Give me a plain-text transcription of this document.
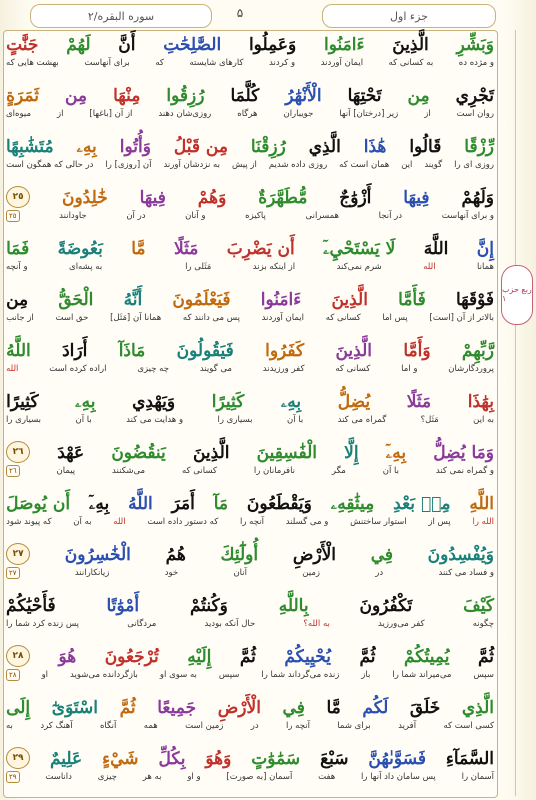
جزء اول
۵
سوره البقره/٢
ربع حزب ۱
وَبَشِّرِ
الَّذِينَ
ءَامَنُوا
وَعَمِلُوا
الصَّٰلِحَٰتِ
أَنَّ
لَهُمْ
جَنَّٰتٍ
و مژده ده
به کسانی که
ایمان آوردند
و کردند
کارهای شایسته
که
برای آنهاست
بهشت هایی که
تَجْرِي
مِن
تَحْتِهَا
الْأَنْهَٰرُ
كُلَّمَا
رُزِقُوا
مِنْهَا
مِن
ثَمَرَةٍ
روان است
از
زیر [درختان] آنها
جویباران
هرگاه
روزی‌شان دهند
از آن [باغها]
از
میوه‌ای
رِّزْقًا
قَالُوا
هَٰذَا
الَّذِي
رُزِقْنَا
مِن قَبْلُ
وَأُتُوا
بِهِۦ
مُتَشَٰبِهًا
روزی ای را
گویند
این
همان است که
روزی داده شدیم
از پیش
به نزدشان آورند
آن [روزی] را
در حالی که همگون است
وَلَهُمْ
فِيهَا
أَزْوَٰجٌ
مُّطَهَّرَةٌ
وَهُمْ
فِيهَا
خَٰلِدُونَ
٢٥
و برای آنهاست
در آنجا
همسرانی
پاکیزه
و آنان
در آن
جاودانند
٢٥
إِنَّ
اللَّهَ
لَا يَسْتَحْيِۦٓ
أَن يَضْرِبَ
مَثَلًا
مَّا
بَعُوضَةً
فَمَا
همانا
الله
شرم نمی‌کند
از اینکه بزند
مَثَلی را
به پشه‌ای
و آنچه
فَوْقَهَا
فَأَمَّا
الَّذِينَ
ءَامَنُوا
فَيَعْلَمُونَ
أَنَّهُ
الْحَقُّ
مِن
بالاتر از آن [است]
پس اما
کسانی که
ایمان آوردند
پس می دانند که
همانا آن [مَثَل]
حق است
از جانب
رَّبِّهِمْ
وَأَمَّا
الَّذِينَ
كَفَرُوا
فَيَقُولُونَ
مَاذَآ
أَرَادَ
اللَّهُ
پروردگارشان
و اما
کسانی که
کفر ورزیدند
می گویند
چه چیزی
اراده کرده است
الله
بِهَٰذَا
مَثَلًا
يُضِلُّ
بِهِۦ
كَثِيرًا
وَيَهْدِي
بِهِۦ
كَثِيرًا
به این
مَثَل؟
گمراه می کند
با آن
بسیاری را
و هدایت می کند
با آن
بسیاری را
وَمَا يُضِلُّ
بِهِۦٓ
إِلَّا
الْفَٰسِقِينَ
الَّذِينَ
يَنقُضُونَ
عَهْدَ
٢٦
و گمراه نمی کند
با آن
مگر
نافرمانان را
کسانی که
می‌شکنند
پیمان
٢٦
اللَّهِ
مِنۢ بَعْدِ
مِيثَٰقِهِۦ
وَيَقْطَعُونَ
مَآ
أَمَرَ
اللَّهُ
بِهِۦٓ
أَن يُوصَلَ
الله را
پس از
استوار ساختنش
و می گسلند
آنچه را
که دستور داده است
الله
به آن
که پیوند شود
وَيُفْسِدُونَ
فِي
الْأَرْضِ
أُولَٰٓئِكَ
هُمُ
الْخَٰسِرُونَ
٢٧
و فساد می کنند
در
زمین
آنان
خود
زیانکارانند
٢٧
كَيْفَ
تَكْفُرُونَ
بِاللَّهِ
وَكُنتُمْ
أَمْوَٰتًا
فَأَحْيَٰكُمْ
چگونه
کفر می‌ورزید
به الله؟
حال آنکه بودید
مردگانی
پس زنده کرد شما را
ثُمَّ
يُمِيتُكُمْ
ثُمَّ
يُحْيِيكُمْ
ثُمَّ
إِلَيْهِ
تُرْجَعُونَ
هُوَ
٢٨
سپس
می‌میراند شما را
باز
زنده می‌گرداند شما را
سپس
به سوی او
بازگردانده می‌شوید
او
٢٨
الَّذِي
خَلَقَ
لَكُم
مَّا
فِي
الْأَرْضِ
جَمِيعًا
ثُمَّ
اسْتَوَىٰٓ
إِلَى
کسی است که
آفرید
برای شما
آنچه را
در
زمین است
همه
آنگاه
آهنگ کرد
به
السَّمَآءِ
فَسَوَّىٰهُنَّ
سَبْعَ
سَمَٰوَٰتٍ
وَهُوَ
بِكُلِّ
شَيْءٍ
عَلِيمٌ
٢٩
آسمان را
پس سامان داد آنها را
هفت
آسمان [به صورت]
و او
به هر
چیزی
داناست
٢٩
